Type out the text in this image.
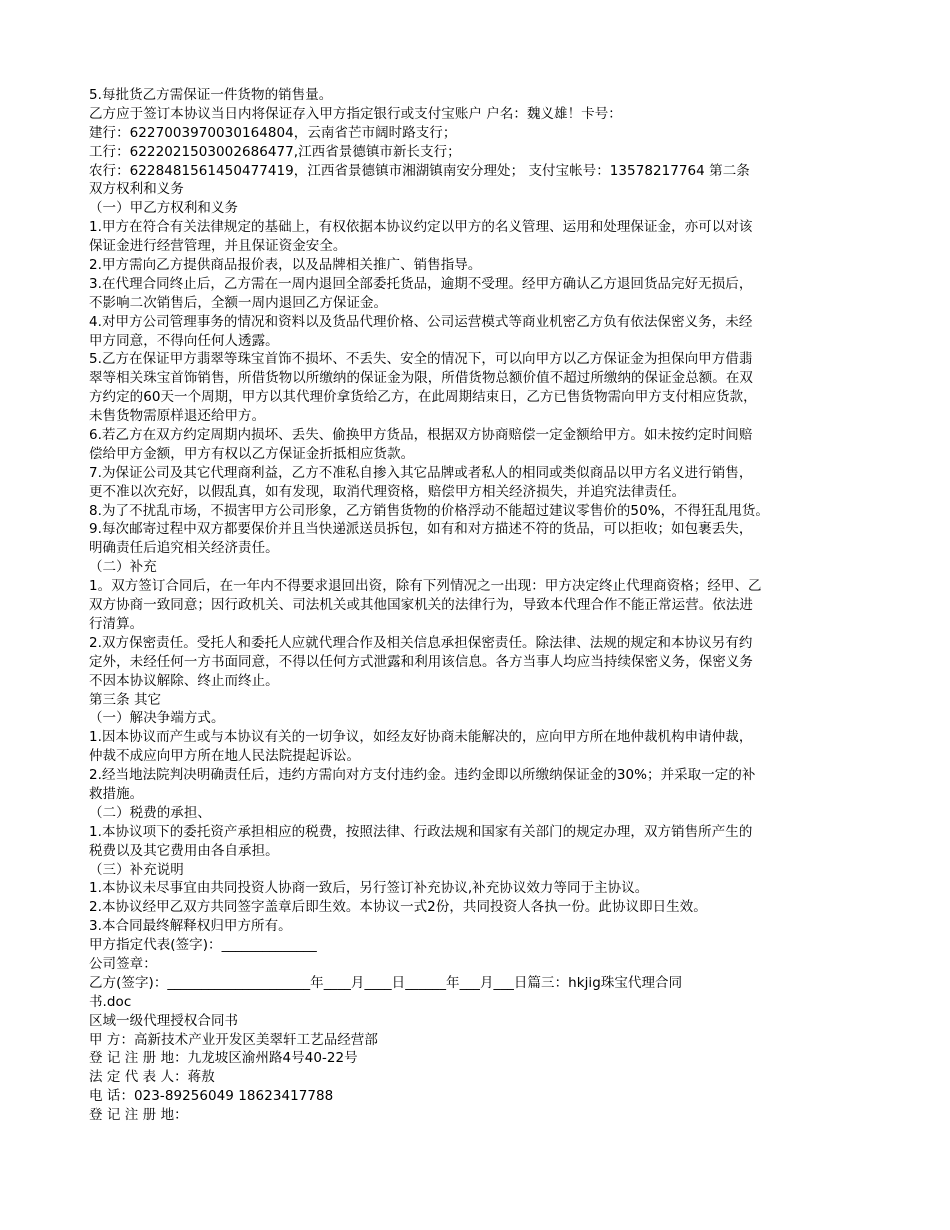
5.每批货乙方需保证一件货物的销售量。
乙方应于签订本协议当日内将保证存入甲方指定银行或支付宝账户 户名：魏义雄！卡号：
建行：6227003970030164804，云南省芒市阔时路支行；
工行：6222021503002686477,江西省景德镇市新长支行；
农行：6228481561450477419，江西省景德镇市湘湖镇南安分理处； 支付宝帐号：13578217764 第二条
双方权利和义务
（一）甲乙方权利和义务
1.甲方在符合有关法律规定的基础上，有权依据本协议约定以甲方的名义管理、运用和处理保证金，亦可以对该
保证金进行经营管理，并且保证资金安全。
2.甲方需向乙方提供商品报价表，以及品牌相关推广、销售指导。
3.在代理合同终止后，乙方需在一周内退回全部委托货品，逾期不受理。经甲方确认乙方退回货品完好无损后，
不影响二次销售后，全额一周内退回乙方保证金。
4.对甲方公司管理事务的情况和资料以及货品代理价格、公司运营模式等商业机密乙方负有依法保密义务，未经
甲方同意，不得向任何人透露。
5.乙方在保证甲方翡翠等珠宝首饰不损坏、不丢失、安全的情况下，可以向甲方以乙方保证金为担保向甲方借翡
翠等相关珠宝首饰销售，所借货物以所缴纳的保证金为限，所借货物总额价值不超过所缴纳的保证金总额。在双
方约定的60天一个周期，甲方以其代理价拿货给乙方，在此周期结束日，乙方已售货物需向甲方支付相应货款，
未售货物需原样退还给甲方。
6.若乙方在双方约定周期内损坏、丢失、偷换甲方货品，根据双方协商赔偿一定金额给甲方。如未按约定时间赔
偿给甲方金额，甲方有权以乙方保证金折抵相应货款。
7.为保证公司及其它代理商利益，乙方不准私自掺入其它品牌或者私人的相同或类似商品以甲方名义进行销售，
更不准以次充好，以假乱真，如有发现，取消代理资格，赔偿甲方相关经济损失，并追究法律责任。
8.为了不扰乱市场，不损害甲方公司形象，乙方销售货物的价格浮动不能超过建议零售价的50%，不得狂乱甩货。
9.每次邮寄过程中双方都要保价并且当快递派送员拆包，如有和对方描述不符的货品，可以拒收；如包裹丢失，
明确责任后追究相关经济责任。
（二）补充
1。双方签订合同后，在一年内不得要求退回出资，除有下列情况之一出现：甲方决定终止代理商资格；经甲、乙
双方协商一致同意；因行政机关、司法机关或其他国家机关的法律行为，导致本代理合作不能正常运营。依法进
行清算。
2.双方保密责任。受托人和委托人应就代理合作及相关信息承担保密责任。除法律、法规的规定和本协议另有约
定外，未经任何一方书面同意，不得以任何方式泄露和利用该信息。各方当事人均应当持续保密义务，保密义务
不因本协议解除、终止而终止。
第三条 其它
（一）解决争端方式。
1.因本协议而产生或与本协议有关的一切争议，如经友好协商未能解决的，应向甲方所在地仲裁机构申请仲裁，
仲裁不成应向甲方所在地人民法院提起诉讼。
2.经当地法院判决明确责任后，违约方需向对方支付违约金。违约金即以所缴纳保证金的30%；并采取一定的补
救措施。
（二）税费的承担、
1.本协议项下的委托资产承担相应的税费，按照法律、行政法规和国家有关部门的规定办理，双方销售所产生的
税费以及其它费用由各自承担。
（三）补充说明
1.本协议未尽事宜由共同投资人协商一致后，另行签订补充协议,补充协议效力等同于主协议。
2.本协议经甲乙双方共同签字盖章后即生效。本协议一式2份，共同投资人各执一份。此协议即日生效。
3.本合同最终解释权归甲方所有。
甲方指定代表(签字)：______________
公司签章：
乙方(签字)：_____________________年____月____日______年___月___日篇三：hkjig珠宝代理合同
书.doc
区域一级代理授权合同书
甲 方：高新技术产业开发区美翠轩工艺品经营部
登 记 注 册 地：九龙坡区渝州路4号40-22号
法 定 代 表 人：蒋敖
电 话：023-89256049 18623417788
登 记 注 册 地：
